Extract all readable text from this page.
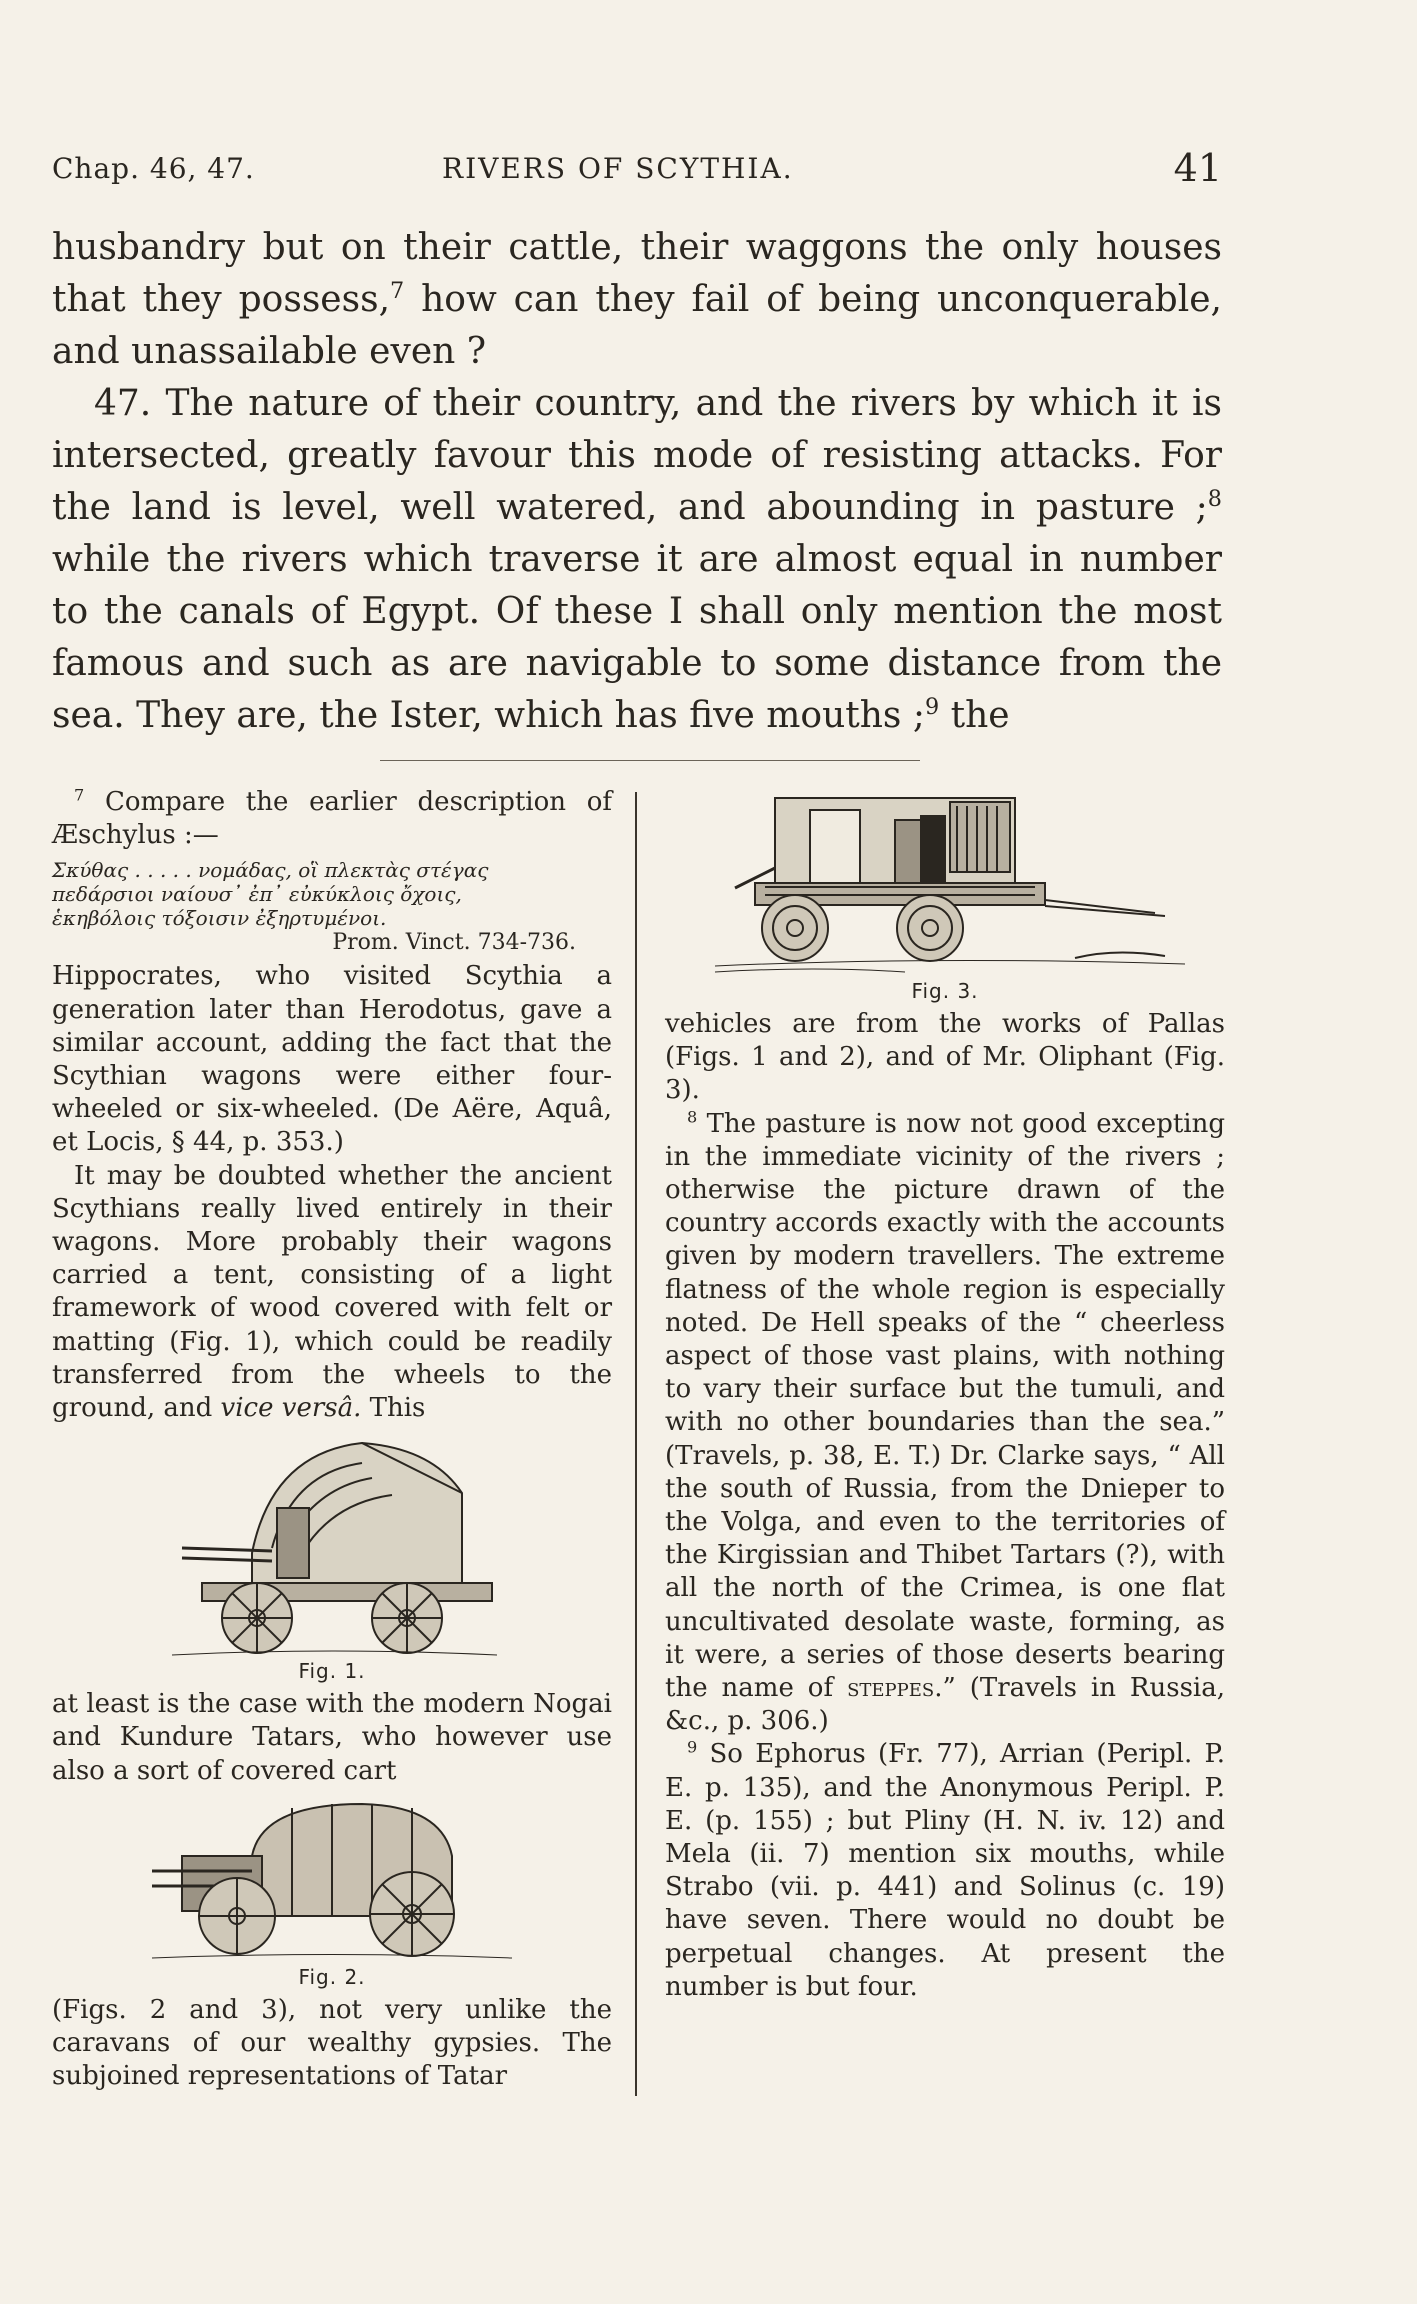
Chap. 46, 47.	RIVERS OF SCYTHIA.	41

husbandry but on their cattle, their waggons the only houses that they possess,$^7$ how can they fail of being unconquerable, and unassailable even ?

47. The nature of their country, and the rivers by which it is intersected, greatly favour this mode of resisting attacks. For the land is level, well watered, and abounding in pasture ;$^8$ while the rivers which traverse it are almost equal in number to the canals of Egypt. Of these I shall only mention the most famous and such as are navigable to some distance from the sea. They are, the Ister, which has five mouths ;$^9$ the

$^7$ Compare the earlier description of Æschylus :—

Σκύθας . . . . . νομάδας, οἳ πλεκτὰς στέγας
πεδάρσιοι ναίουσ᾽ ἐπ᾽ εὐκύκλοις ὄχοις,
ἑκηβόλοις τόξοισιν ἐξηρτυμένοι.
Prom. Vinct. 734-736.

Hippocrates, who visited Scythia a generation later than Herodotus, gave a similar account, adding the fact that the Scythian wagons were either four-wheeled or six-wheeled. (De Aëre, Aquâ, et Locis, § 44, p. 353.)

It may be doubted whether the ancient Scythians really lived entirely in their wagons. More probably their wagons carried a tent, consisting of a light framework of wood covered with felt or matting (Fig. 1), which could be readily transferred from the wheels to the ground, and vice versâ. This

Fig. 1.

at least is the case with the modern Nogai and Kundure Tatars, who however use also a sort of covered cart

Fig. 2.

(Figs. 2 and 3), not very unlike the caravans of our wealthy gypsies. The subjoined representations of Tatar

Fig. 3.

vehicles are from the works of Pallas (Figs. 1 and 2), and of Mr. Oliphant (Fig. 3).

$^8$ The pasture is now not good excepting in the immediate vicinity of the rivers ; otherwise the picture drawn of the country accords exactly with the accounts given by modern travellers. The extreme flatness of the whole region is especially noted. De Hell speaks of the “ cheerless aspect of those vast plains, with nothing to vary their surface but the tumuli, and with no other boundaries than the sea.” (Travels, p. 38, E. T.) Dr. Clarke says, “ All the south of Russia, from the Dnieper to the Volga, and even to the territories of the Kirgissian and Thibet Tartars (?), with all the north of the Crimea, is one flat uncultivated desolate waste, forming, as it were, a series of those deserts bearing the name of steppes.” (Travels in Russia, &c., p. 306.)

$^9$ So Ephorus (Fr. 77), Arrian (Peripl. P. E. p. 135), and the Anonymous Peripl. P. E. (p. 155) ; but Pliny (H. N. iv. 12) and Mela (ii. 7) mention six mouths, while Strabo (vii. p. 441) and Solinus (c. 19) have seven. There would no doubt be perpetual changes. At present the number is but four.
